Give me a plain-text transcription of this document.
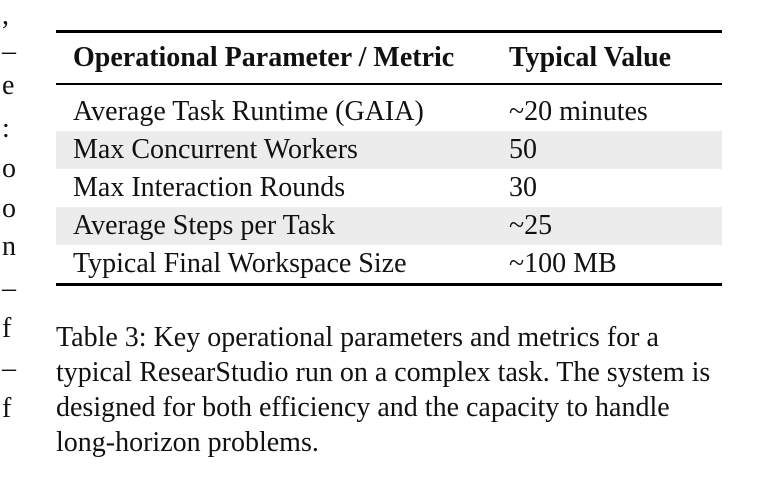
,
–
e
:
o
o
n
–
f
–
f
Operational Parameter / Metric	Typical Value
Average Task Runtime (GAIA)	~20 minutes
Max Concurrent Workers	50
Max Interaction Rounds	30
Average Steps per Task	~25
Typical Final Workspace Size	~100 MB
Table 3: Key operational parameters and metrics for a typical ResearStudio run on a complex task. The system is designed for both efficiency and the capacity to handle long-horizon problems.
